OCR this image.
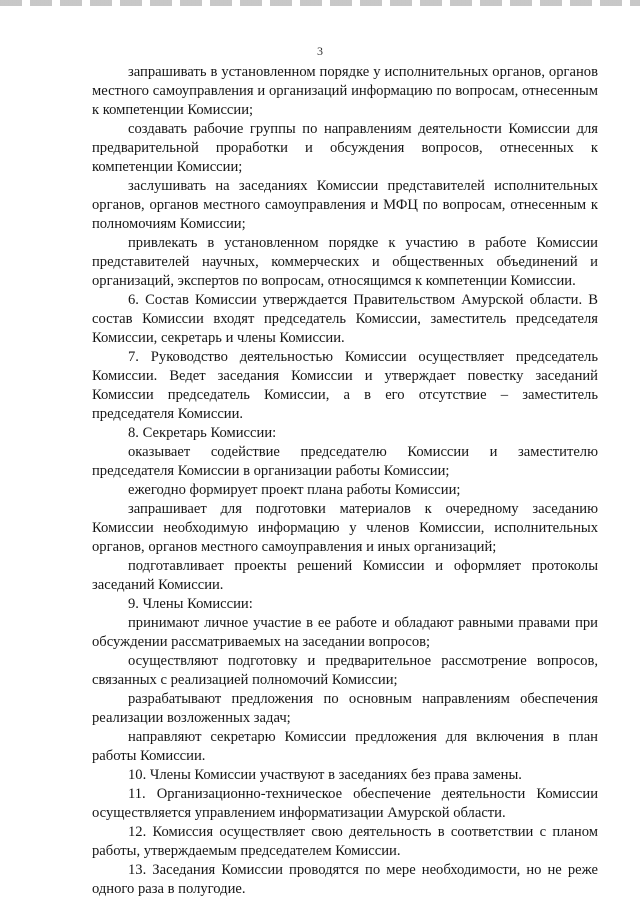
3

запрашивать в установленном порядке у исполнительных органов, органов местного самоуправления и организаций информацию по вопросам, отнесенным к компетенции Комиссии;

создавать рабочие группы по направлениям деятельности Комиссии для предварительной проработки и обсуждения вопросов, отнесенных к компетенции Комиссии;

заслушивать на заседаниях Комиссии представителей исполнительных органов, органов местного самоуправления и МФЦ по вопросам, отнесенным к полномочиям Комиссии;

привлекать в установленном порядке к участию в работе Комиссии представителей научных, коммерческих и общественных объединений и организаций, экспертов по вопросам, относящимся к компетенции Комиссии.

6. Состав Комиссии утверждается Правительством Амурской области. В состав Комиссии входят председатель Комиссии, заместитель председателя Комиссии, секретарь и члены Комиссии.

7. Руководство деятельностью Комиссии осуществляет председатель Комиссии. Ведет заседания Комиссии и утверждает повестку заседаний Комиссии председатель Комиссии, а в его отсутствие – заместитель председателя Комиссии.

8. Секретарь Комиссии:

оказывает содействие председателю Комиссии и заместителю председателя Комиссии в организации работы Комиссии;

ежегодно формирует проект плана работы Комиссии;

запрашивает для подготовки материалов к очередному заседанию Комиссии необходимую информацию у членов Комиссии, исполнительных органов, органов местного самоуправления и иных организаций;

подготавливает проекты решений Комиссии и оформляет протоколы заседаний Комиссии.

9. Члены Комиссии:

принимают личное участие в ее работе и обладают равными правами при обсуждении рассматриваемых на заседании вопросов;

осуществляют подготовку и предварительное рассмотрение вопросов, связанных с реализацией полномочий Комиссии;

разрабатывают предложения по основным направлениям обеспечения реализации возложенных задач;

направляют секретарю Комиссии предложения для включения в план работы Комиссии.

10. Члены Комиссии участвуют в заседаниях без права замены.

11. Организационно-техническое обеспечение деятельности Комиссии осуществляется управлением информатизации Амурской области.

12. Комиссия осуществляет свою деятельность в соответствии с планом работы, утверждаемым председателем Комиссии.

13. Заседания Комиссии проводятся по мере необходимости, но не реже одного раза в полугодие.
